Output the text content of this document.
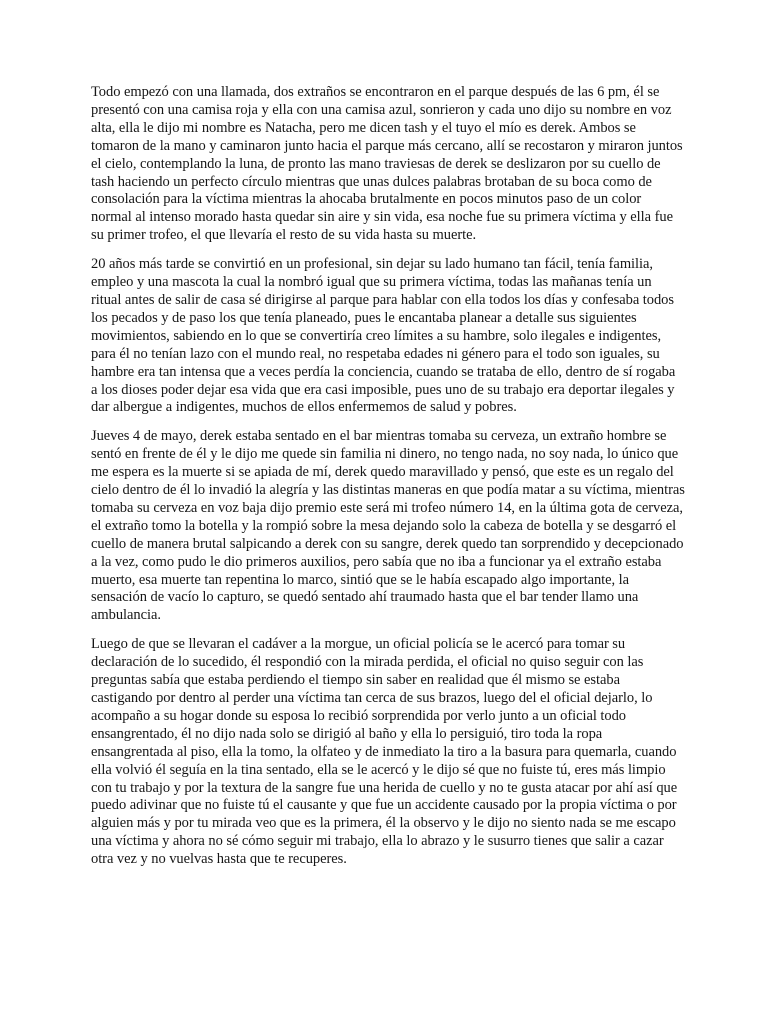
Todo empezó con una llamada, dos extraños se encontraron en el parque después de las 6 pm, él se presentó con una camisa roja y ella con una camisa azul, sonrieron y cada uno dijo su nombre en voz alta, ella le dijo mi nombre es Natacha, pero me dicen tash y el tuyo el mío es derek. Ambos se tomaron de la mano y caminaron junto hacia el parque más cercano, allí se recostaron y miraron juntos el cielo, contemplando la luna, de pronto las mano traviesas de derek se deslizaron por su cuello de tash haciendo un perfecto círculo mientras que unas dulces palabras brotaban de su boca como de consolación para la víctima mientras la ahocaba brutalmente en pocos minutos paso de un color normal al intenso morado hasta quedar sin aire y sin vida, esa noche fue su primera víctima y ella fue su primer trofeo, el que llevaría el resto de su vida hasta su muerte.

20 años más tarde se convirtió en un profesional, sin dejar su lado humano tan fácil, tenía familia, empleo y una mascota la cual la nombró igual que su primera víctima, todas las mañanas tenía un ritual antes de salir de casa sé dirigirse al parque para hablar con ella todos los días y confesaba todos los pecados y de paso los que tenía planeado, pues le encantaba planear a detalle sus siguientes movimientos, sabiendo en lo que se convertiría creo límites a su hambre, solo ilegales e indigentes, para él no tenían lazo con el mundo real, no respetaba edades ni género para el todo son iguales, su hambre era tan intensa que a veces perdía la conciencia, cuando se trataba de ello, dentro de sí rogaba a los dioses poder dejar esa vida que era casi imposible, pues uno de su trabajo era deportar ilegales y dar albergue a indigentes, muchos de ellos enfermemos de salud y pobres.

Jueves 4 de mayo, derek estaba sentado en el bar mientras tomaba su cerveza, un extraño hombre se sentó en frente de él y le dijo me quede sin familia ni dinero, no tengo nada, no soy nada, lo único que me espera es la muerte si se apiada de mí, derek quedo maravillado y pensó, que este es un regalo del cielo dentro de él lo invadió la alegría y las distintas maneras en que podía matar a su víctima, mientras tomaba su cerveza en voz baja dijo premio este será mi trofeo número 14, en la última gota de cerveza, el extraño tomo la botella y la rompió sobre la mesa dejando solo la cabeza de botella y se desgarró el cuello de manera brutal salpicando a derek con su sangre, derek quedo tan sorprendido y decepcionado a la vez, como pudo le dio primeros auxilios, pero sabía que no iba a funcionar ya el extraño estaba muerto, esa muerte tan repentina lo marco, sintió que se le había escapado algo importante, la sensación de vacío lo capturo, se quedó sentado ahí traumado hasta que el bar tender llamo una ambulancia.

Luego de que se llevaran el cadáver a la morgue, un oficial policía se le acercó para tomar su declaración de lo sucedido, él respondió con la mirada perdida, el oficial no quiso seguir con las preguntas sabía que estaba perdiendo el tiempo sin saber en realidad que él mismo se estaba castigando por dentro al perder una víctima tan cerca de sus brazos, luego del el oficial dejarlo, lo acompaño a su hogar donde su esposa lo recibió sorprendida por verlo junto a un oficial todo ensangrentado, él no dijo nada solo se dirigió al baño y ella lo persiguió, tiro toda la ropa ensangrentada al piso, ella la tomo, la olfateo y de inmediato la tiro a la basura para quemarla, cuando ella volvió él seguía en la tina sentado, ella se le acercó y le dijo sé que no fuiste tú, eres más limpio con tu trabajo y por la textura de la sangre fue una herida de cuello y no te gusta atacar por ahí así que puedo adivinar que no fuiste tú el causante y que fue un accidente causado por la propia víctima o por alguien más y por tu mirada veo que es la primera, él la observo y le dijo no siento nada se me escapo una víctima y ahora no sé cómo seguir mi trabajo, ella lo abrazo y le susurro tienes que salir a cazar otra vez y no vuelvas hasta que te recuperes.
